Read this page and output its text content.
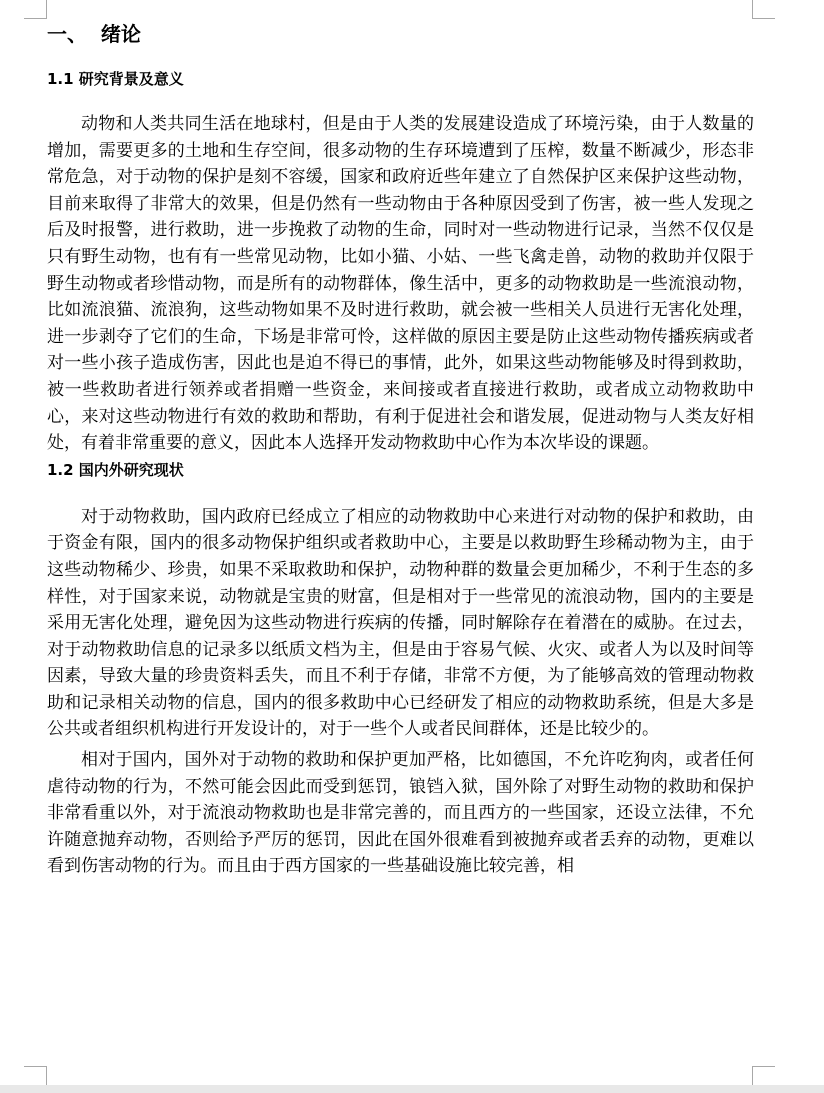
一、  绪论
1.1 研究背景及意义

动物和人类共同生活在地球村，但是由于人类的发展建设造成了环境污染，由于人数量的增加，需要更多的土地和生存空间，很多动物的生存环境遭到了压榨，数量不断减少，形态非常危急，对于动物的保护是刻不容缓，国家和政府近些年建立了自然保护区来保护这些动物，目前来取得了非常大的效果，但是仍然有一些动物由于各种原因受到了伤害，被一些人发现之后及时报警，进行救助，进一步挽救了动物的生命，同时对一些动物进行记录，当然不仅仅是只有野生动物，也有有一些常见动物，比如小猫、小姑、一些飞禽走兽，动物的救助并仅限于野生动物或者珍惜动物，而是所有的动物群体，像生活中，更多的动物救助是一些流浪动物，比如流浪猫、流浪狗，这些动物如果不及时进行救助，就会被一些相关人员进行无害化处理，进一步剥夺了它们的生命，下场是非常可怜，这样做的原因主要是防止这些动物传播疾病或者对一些小孩子造成伤害，因此也是迫不得已的事情，此外，如果这些动物能够及时得到救助，被一些救助者进行领养或者捐赠一些资金，来间接或者直接进行救助，或者成立动物救助中心，来对这些动物进行有效的救助和帮助，有利于促进社会和谐发展，促进动物与人类友好相处，有着非常重要的意义，因此本人选择开发动物救助中心作为本次毕设的课题。

1.2 国内外研究现状

对于动物救助，国内政府已经成立了相应的动物救助中心来进行对动物的保护和救助，由于资金有限，国内的很多动物保护组织或者救助中心，主要是以救助野生珍稀动物为主，由于这些动物稀少、珍贵，如果不采取救助和保护，动物种群的数量会更加稀少，不利于生态的多样性，对于国家来说，动物就是宝贵的财富，但是相对于一些常见的流浪动物，国内的主要是采用无害化处理，避免因为这些动物进行疾病的传播，同时解除存在着潜在的威胁。在过去，对于动物救助信息的记录多以纸质文档为主，但是由于容易气候、火灾、或者人为以及时间等因素，导致大量的珍贵资料丢失，而且不利于存储，非常不方便，为了能够高效的管理动物救助和记录相关动物的信息，国内的很多救助中心已经研发了相应的动物救助系统，但是大多是公共或者组织机构进行开发设计的，对于一些个人或者民间群体，还是比较少的。

相对于国内，国外对于动物的救助和保护更加严格，比如德国，不允许吃狗肉，或者任何虐待动物的行为，不然可能会因此而受到惩罚，锒铛入狱，国外除了对野生动物的救助和保护非常看重以外，对于流浪动物救助也是非常完善的，而且西方的一些国家，还设立法律，不允许随意抛弃动物，否则给予严厉的惩罚，因此在国外很难看到被抛弃或者丢弃的动物，更难以看到伤害动物的行为。而且由于西方国家的一些基础设施比较完善，相
